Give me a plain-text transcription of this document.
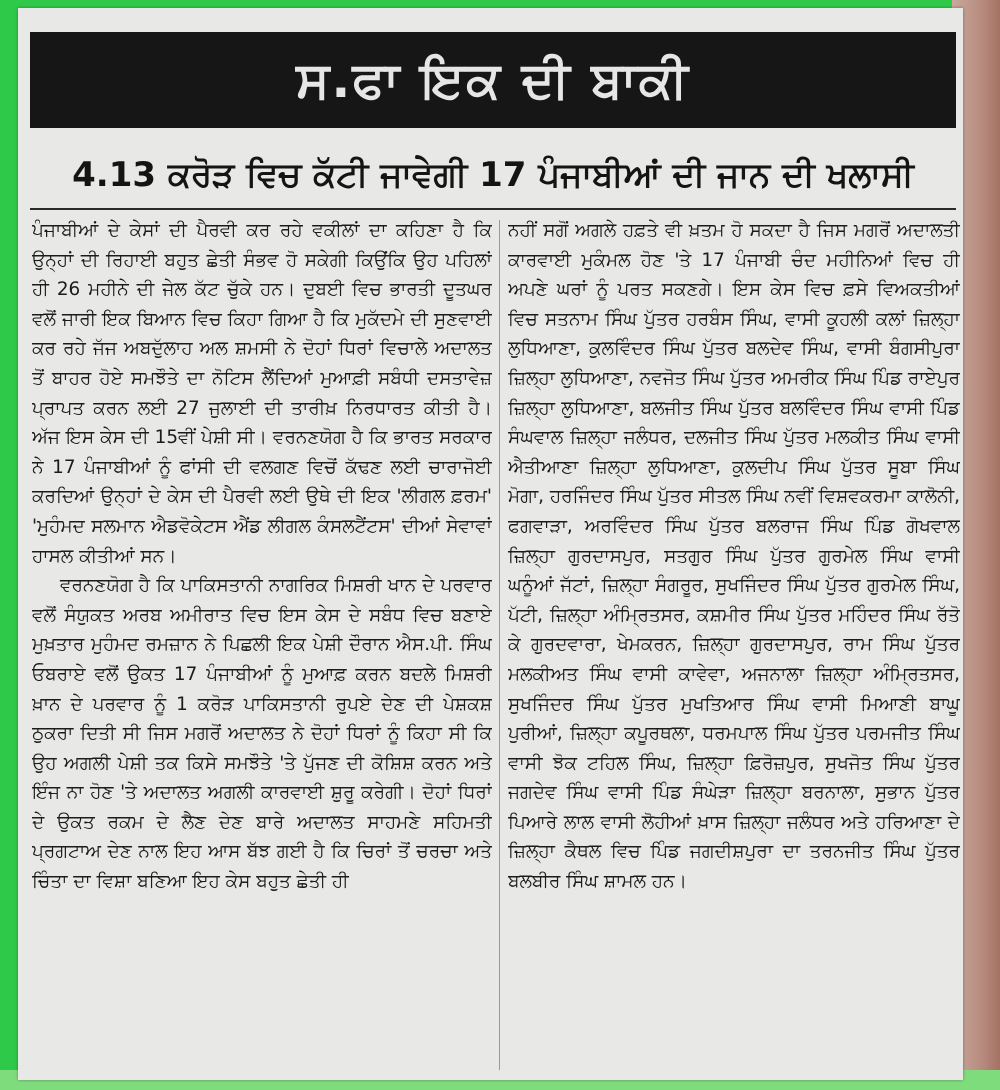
ਸ.ਫਾ ਇਕ ਦੀ ਬਾਕੀ
4.13 ਕਰੋੜ ਵਿਚ ਕੱਟੀ ਜਾਵੇਗੀ 17 ਪੰਜਾਬੀਆਂ ਦੀ ਜਾਨ ਦੀ ਖਲਾਸੀ

ਪੰਜਾਬੀਆਂ ਦੇ ਕੇਸਾਂ ਦੀ ਪੈਰਵੀ ਕਰ ਰਹੇ ਵਕੀਲਾਂ ਦਾ ਕਹਿਣਾ ਹੈ ਕਿ ਉਨ੍ਹਾਂ ਦੀ ਰਿਹਾਈ ਬਹੁਤ ਛੇਤੀ ਸੰਭਵ ਹੋ ਸਕੇਗੀ ਕਿਉਂਕਿ ਉਹ ਪਹਿਲਾਂ ਹੀ 26 ਮਹੀਨੇ ਦੀ ਜੇਲ ਕੱਟ ਚੁੱਕੇ ਹਨ। ਦੁਬਈ ਵਿਚ ਭਾਰਤੀ ਦੂਤਘਰ ਵਲੋਂ ਜਾਰੀ ਇਕ ਬਿਆਨ ਵਿਚ ਕਿਹਾ ਗਿਆ ਹੈ ਕਿ ਮੁਕੱਦਮੇ ਦੀ ਸੁਣਵਾਈ ਕਰ ਰਹੇ ਜੱਜ ਅਬਦੁੱਲਾਹ ਅਲ ਸ਼ਮਸੀ ਨੇ ਦੋਹਾਂ ਧਿਰਾਂ ਵਿਚਾਲੇ ਅਦਾਲਤ ਤੋਂ ਬਾਹਰ ਹੋਏ ਸਮਝੌਤੇ ਦਾ ਨੋਟਿਸ ਲੈਂਦਿਆਂ ਮੁਆਫ਼ੀ ਸਬੰਧੀ ਦਸਤਾਵੇਜ਼ ਪ੍ਰਾਪਤ ਕਰਨ ਲਈ 27 ਜੁਲਾਈ ਦੀ ਤਾਰੀਖ਼ ਨਿਰਧਾਰਤ ਕੀਤੀ ਹੈ। ਅੱਜ ਇਸ ਕੇਸ ਦੀ 15ਵੀਂ ਪੇਸ਼ੀ ਸੀ। ਵਰਨਣਯੋਗ ਹੈ ਕਿ ਭਾਰਤ ਸਰਕਾਰ ਨੇ 17 ਪੰਜਾਬੀਆਂ ਨੂੰ ਫਾਂਸੀ ਦੀ ਵਲਗਣ ਵਿਚੋਂ ਕੱਢਣ ਲਈ ਚਾਰਾਜੋਈ ਕਰਦਿਆਂ ਉਨ੍ਹਾਂ ਦੇ ਕੇਸ ਦੀ ਪੈਰਵੀ ਲਈ ਉਥੇ ਦੀ ਇਕ 'ਲੀਗਲ ਫ਼ਰਮ' 'ਮੁਹੰਮਦ ਸਲਮਾਨ ਐਡਵੋਕੇਟਸ ਐਂਡ ਲੀਗਲ ਕੰਸਲਟੈਂਟਸ' ਦੀਆਂ ਸੇਵਾਵਾਂ ਹਾਸਲ ਕੀਤੀਆਂ ਸਨ।

ਵਰਨਣਯੋਗ ਹੈ ਕਿ ਪਾਕਿਸਤਾਨੀ ਨਾਗਰਿਕ ਮਿਸ਼ਰੀ ਖਾਨ ਦੇ ਪਰਵਾਰ ਵਲੋਂ ਸੰਯੁਕਤ ਅਰਬ ਅਮੀਰਾਤ ਵਿਚ ਇਸ ਕੇਸ ਦੇ ਸਬੰਧ ਵਿਚ ਬਣਾਏ ਮੁਖ਼ਤਾਰ ਮੁਹੰਮਦ ਰਮਜ਼ਾਨ ਨੇ ਪਿਛਲੀ ਇਕ ਪੇਸ਼ੀ ਦੌਰਾਨ ਐਸ.ਪੀ. ਸਿੰਘ ਓਬਰਾਏ ਵਲੋਂ ਉਕਤ 17 ਪੰਜਾਬੀਆਂ ਨੂੰ ਮੁਆਫ਼ ਕਰਨ ਬਦਲੇ ਮਿਸ਼ਰੀ ਖ਼ਾਨ ਦੇ ਪਰਵਾਰ ਨੂੰ 1 ਕਰੋੜ ਪਾਕਿਸਤਾਨੀ ਰੁਪਏ ਦੇਣ ਦੀ ਪੇਸ਼ਕਸ਼ ਠੁਕਰਾ ਦਿਤੀ ਸੀ ਜਿਸ ਮਗਰੋਂ ਅਦਾਲਤ ਨੇ ਦੋਹਾਂ ਧਿਰਾਂ ਨੂੰ ਕਿਹਾ ਸੀ ਕਿ ਉਹ ਅਗਲੀ ਪੇਸ਼ੀ ਤਕ ਕਿਸੇ ਸਮਝੌਤੇ 'ਤੇ ਪੁੱਜਣ ਦੀ ਕੋਸ਼ਿਸ਼ ਕਰਨ ਅਤੇ ਇੰਜ ਨਾ ਹੋਣ 'ਤੇ ਅਦਾਲਤ ਅਗਲੀ ਕਾਰਵਾਈ ਸ਼ੁਰੂ ਕਰੇਗੀ। ਦੋਹਾਂ ਧਿਰਾਂ ਦੇ ਉਕਤ ਰਕਮ ਦੇ ਲੈਣ ਦੇਣ ਬਾਰੇ ਅਦਾਲਤ ਸਾਹਮਣੇ ਸਹਿਮਤੀ ਪ੍ਰਗਟਾਅ ਦੇਣ ਨਾਲ ਇਹ ਆਸ ਬੱਝ ਗਈ ਹੈ ਕਿ ਚਿਰਾਂ ਤੋਂ ਚਰਚਾ ਅਤੇ ਚਿੰਤਾ ਦਾ ਵਿਸ਼ਾ ਬਣਿਆ ਇਹ ਕੇਸ ਬਹੁਤ ਛੇਤੀ ਹੀ

ਨਹੀਂ ਸਗੋਂ ਅਗਲੇ ਹਫ਼ਤੇ ਵੀ ਖ਼ਤਮ ਹੋ ਸਕਦਾ ਹੈ ਜਿਸ ਮਗਰੋਂ ਅਦਾਲਤੀ ਕਾਰਵਾਈ ਮੁਕੰਮਲ ਹੋਣ 'ਤੇ 17 ਪੰਜਾਬੀ ਚੰਦ ਮਹੀਨਿਆਂ ਵਿਚ ਹੀ ਅਪਣੇ ਘਰਾਂ ਨੂੰ ਪਰਤ ਸਕਣਗੇ। ਇਸ ਕੇਸ ਵਿਚ ਫ਼ਸੇ ਵਿਅਕਤੀਆਂ ਵਿਚ ਸਤਨਾਮ ਸਿੰਘ ਪੁੱਤਰ ਹਰਬੰਸ ਸਿੰਘ, ਵਾਸੀ ਕੂਹਲੀ ਕਲਾਂ ਜ਼ਿਲ੍ਹਾ ਲੁਧਿਆਣਾ, ਕੁਲਵਿੰਦਰ ਸਿੰਘ ਪੁੱਤਰ ਬਲਦੇਵ ਸਿੰਘ, ਵਾਸੀ ਬੰਗਸੀਪੁਰਾ ਜ਼ਿਲ੍ਹਾ ਲੁਧਿਆਣਾ, ਨਵਜੋਤ ਸਿੰਘ ਪੁੱਤਰ ਅਮਰੀਕ ਸਿੰਘ ਪਿੰਡ ਰਾਏਪੁਰ ਜ਼ਿਲ੍ਹਾ ਲੁਧਿਆਣਾ, ਬਲਜੀਤ ਸਿੰਘ ਪੁੱਤਰ ਬਲਵਿੰਦਰ ਸਿੰਘ ਵਾਸੀ ਪਿੰਡ ਸੰਘਵਾਲ ਜ਼ਿਲ੍ਹਾ ਜਲੰਧਰ, ਦਲਜੀਤ ਸਿੰਘ ਪੁੱਤਰ ਮਲਕੀਤ ਸਿੰਘ ਵਾਸੀ ਐਤੀਆਣਾ ਜ਼ਿਲ੍ਹਾ ਲੁਧਿਆਣਾ, ਕੁਲਦੀਪ ਸਿੰਘ ਪੁੱਤਰ ਸੂਬਾ ਸਿੰਘ ਮੋਗਾ, ਹਰਜਿੰਦਰ ਸਿੰਘ ਪੁੱਤਰ ਸੀਤਲ ਸਿੰਘ ਨਵੀਂ ਵਿਸ਼ਵਕਰਮਾ ਕਾਲੋਨੀ, ਫਗਵਾੜਾ, ਅਰਵਿੰਦਰ ਸਿੰਘ ਪੁੱਤਰ ਬਲਰਾਜ ਸਿੰਘ ਪਿੰਡ ਗੋਖਵਾਲ ਜ਼ਿਲ੍ਹਾ ਗੁਰਦਾਸਪੁਰ, ਸਤਗੁਰ ਸਿੰਘ ਪੁੱਤਰ ਗੁਰਮੇਲ ਸਿੰਘ ਵਾਸੀ ਘਨੂੰਆਂ ਜੱਟਾਂ, ਜ਼ਿਲ੍ਹਾ ਸੰਗਰੂਰ, ਸੁਖਜਿੰਦਰ ਸਿੰਘ ਪੁੱਤਰ ਗੁਰਮੇਲ ਸਿੰਘ, ਪੱਟੀ, ਜ਼ਿਲ੍ਹਾ ਅੰਮ੍ਰਿਤਸਰ, ਕਸ਼ਮੀਰ ਸਿੰਘ ਪੁੱਤਰ ਮਹਿੰਦਰ ਸਿੰਘ ਰੱਤੋ ਕੇ ਗੁਰਦਵਾਰਾ, ਖੇਮਕਰਨ, ਜ਼ਿਲ੍ਹਾ ਗੁਰਦਾਸਪੁਰ, ਰਾਮ ਸਿੰਘ ਪੁੱਤਰ ਮਲਕੀਅਤ ਸਿੰਘ ਵਾਸੀ ਕਾਵੇਵਾ, ਅਜਨਾਲਾ ਜ਼ਿਲ੍ਹਾ ਅੰਮ੍ਰਿਤਸਰ, ਸੁਖਜਿੰਦਰ ਸਿੰਘ ਪੁੱਤਰ ਮੁਖਤਿਆਰ ਸਿੰਘ ਵਾਸੀ ਮਿਆਣੀ ਬਾਘੂ ਪੁਰੀਆਂ, ਜ਼ਿਲ੍ਹਾ ਕਪੂਰਥਲਾ, ਧਰਮਪਾਲ ਸਿੰਘ ਪੁੱਤਰ ਪਰਮਜੀਤ ਸਿੰਘ ਵਾਸੀ ਝੋਕ ਟਹਿਲ ਸਿੰਘ, ਜ਼ਿਲ੍ਹਾ ਫ਼ਿਰੋਜ਼ਪੁਰ, ਸੁਖਜੋਤ ਸਿੰਘ ਪੁੱਤਰ ਜਗਦੇਵ ਸਿੰਘ ਵਾਸੀ ਪਿੰਡ ਸੰਘੇੜਾ ਜ਼ਿਲ੍ਹਾ ਬਰਨਾਲਾ, ਸੁਭਾਨ ਪੁੱਤਰ ਪਿਆਰੇ ਲਾਲ ਵਾਸੀ ਲੋਹੀਆਂ ਖ਼ਾਸ ਜ਼ਿਲ੍ਹਾ ਜਲੰਧਰ ਅਤੇ ਹਰਿਆਣਾ ਦੇ ਜ਼ਿਲ੍ਹਾ ਕੈਥਲ ਵਿਚ ਪਿੰਡ ਜਗਦੀਸ਼ਪੁਰਾ ਦਾ ਤਰਨਜੀਤ ਸਿੰਘ ਪੁੱਤਰ ਬਲਬੀਰ ਸਿੰਘ ਸ਼ਾਮਲ ਹਨ।
